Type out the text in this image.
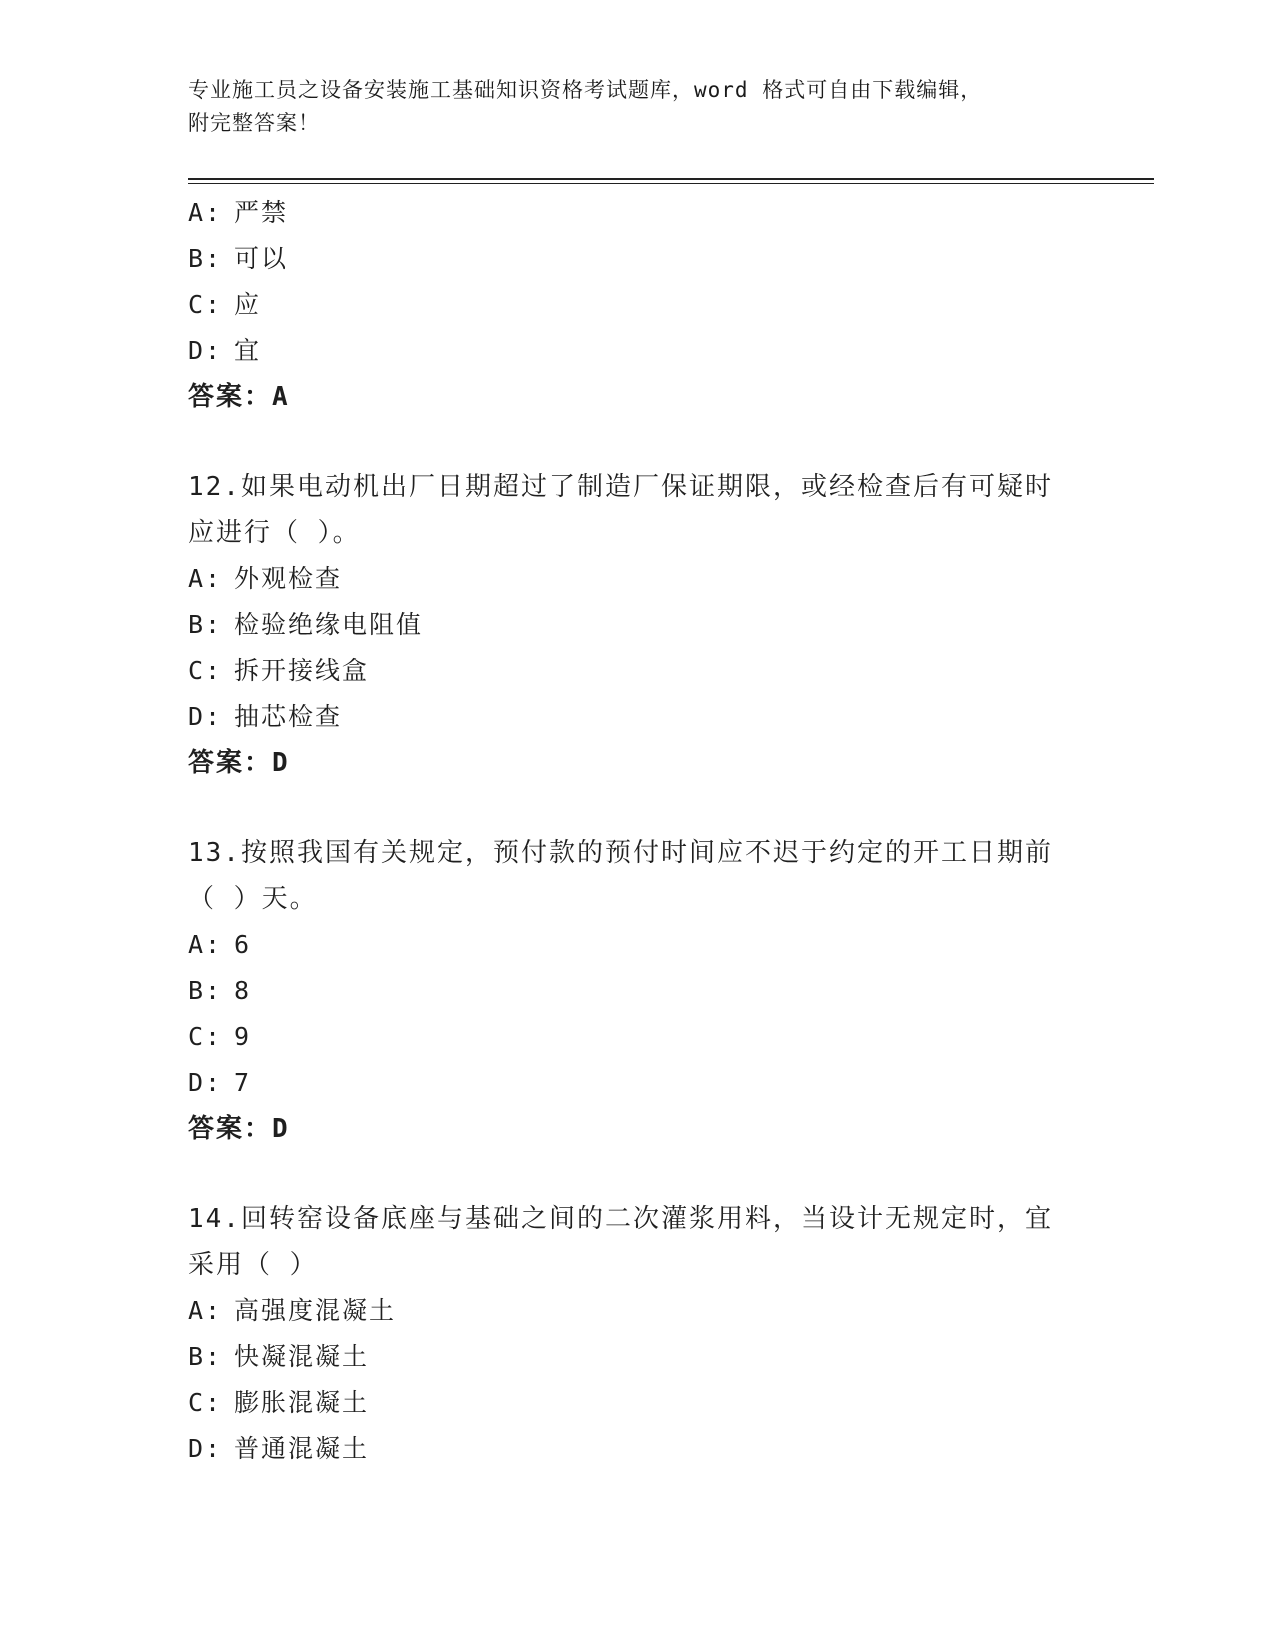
专业施工员之设备安装施工基础知识资格考试题库，word 格式可自由下载编辑，
附完整答案！
A: 严禁
B: 可以
C: 应
D: 宜
答案：A
12.如果电动机出厂日期超过了制造厂保证期限，或经检查后有可疑时
应进行（ ）。
A: 外观检查
B: 检验绝缘电阻值
C: 拆开接线盒
D: 抽芯检查
答案：D
13.按照我国有关规定，预付款的预付时间应不迟于约定的开工日期前
（ ）天。
A: 6
B: 8
C: 9
D: 7
答案：D
14.回转窑设备底座与基础之间的二次灌浆用料，当设计无规定时，宜
采用（ ）
A: 高强度混凝土
B: 快凝混凝土
C: 膨胀混凝土
D: 普通混凝土
